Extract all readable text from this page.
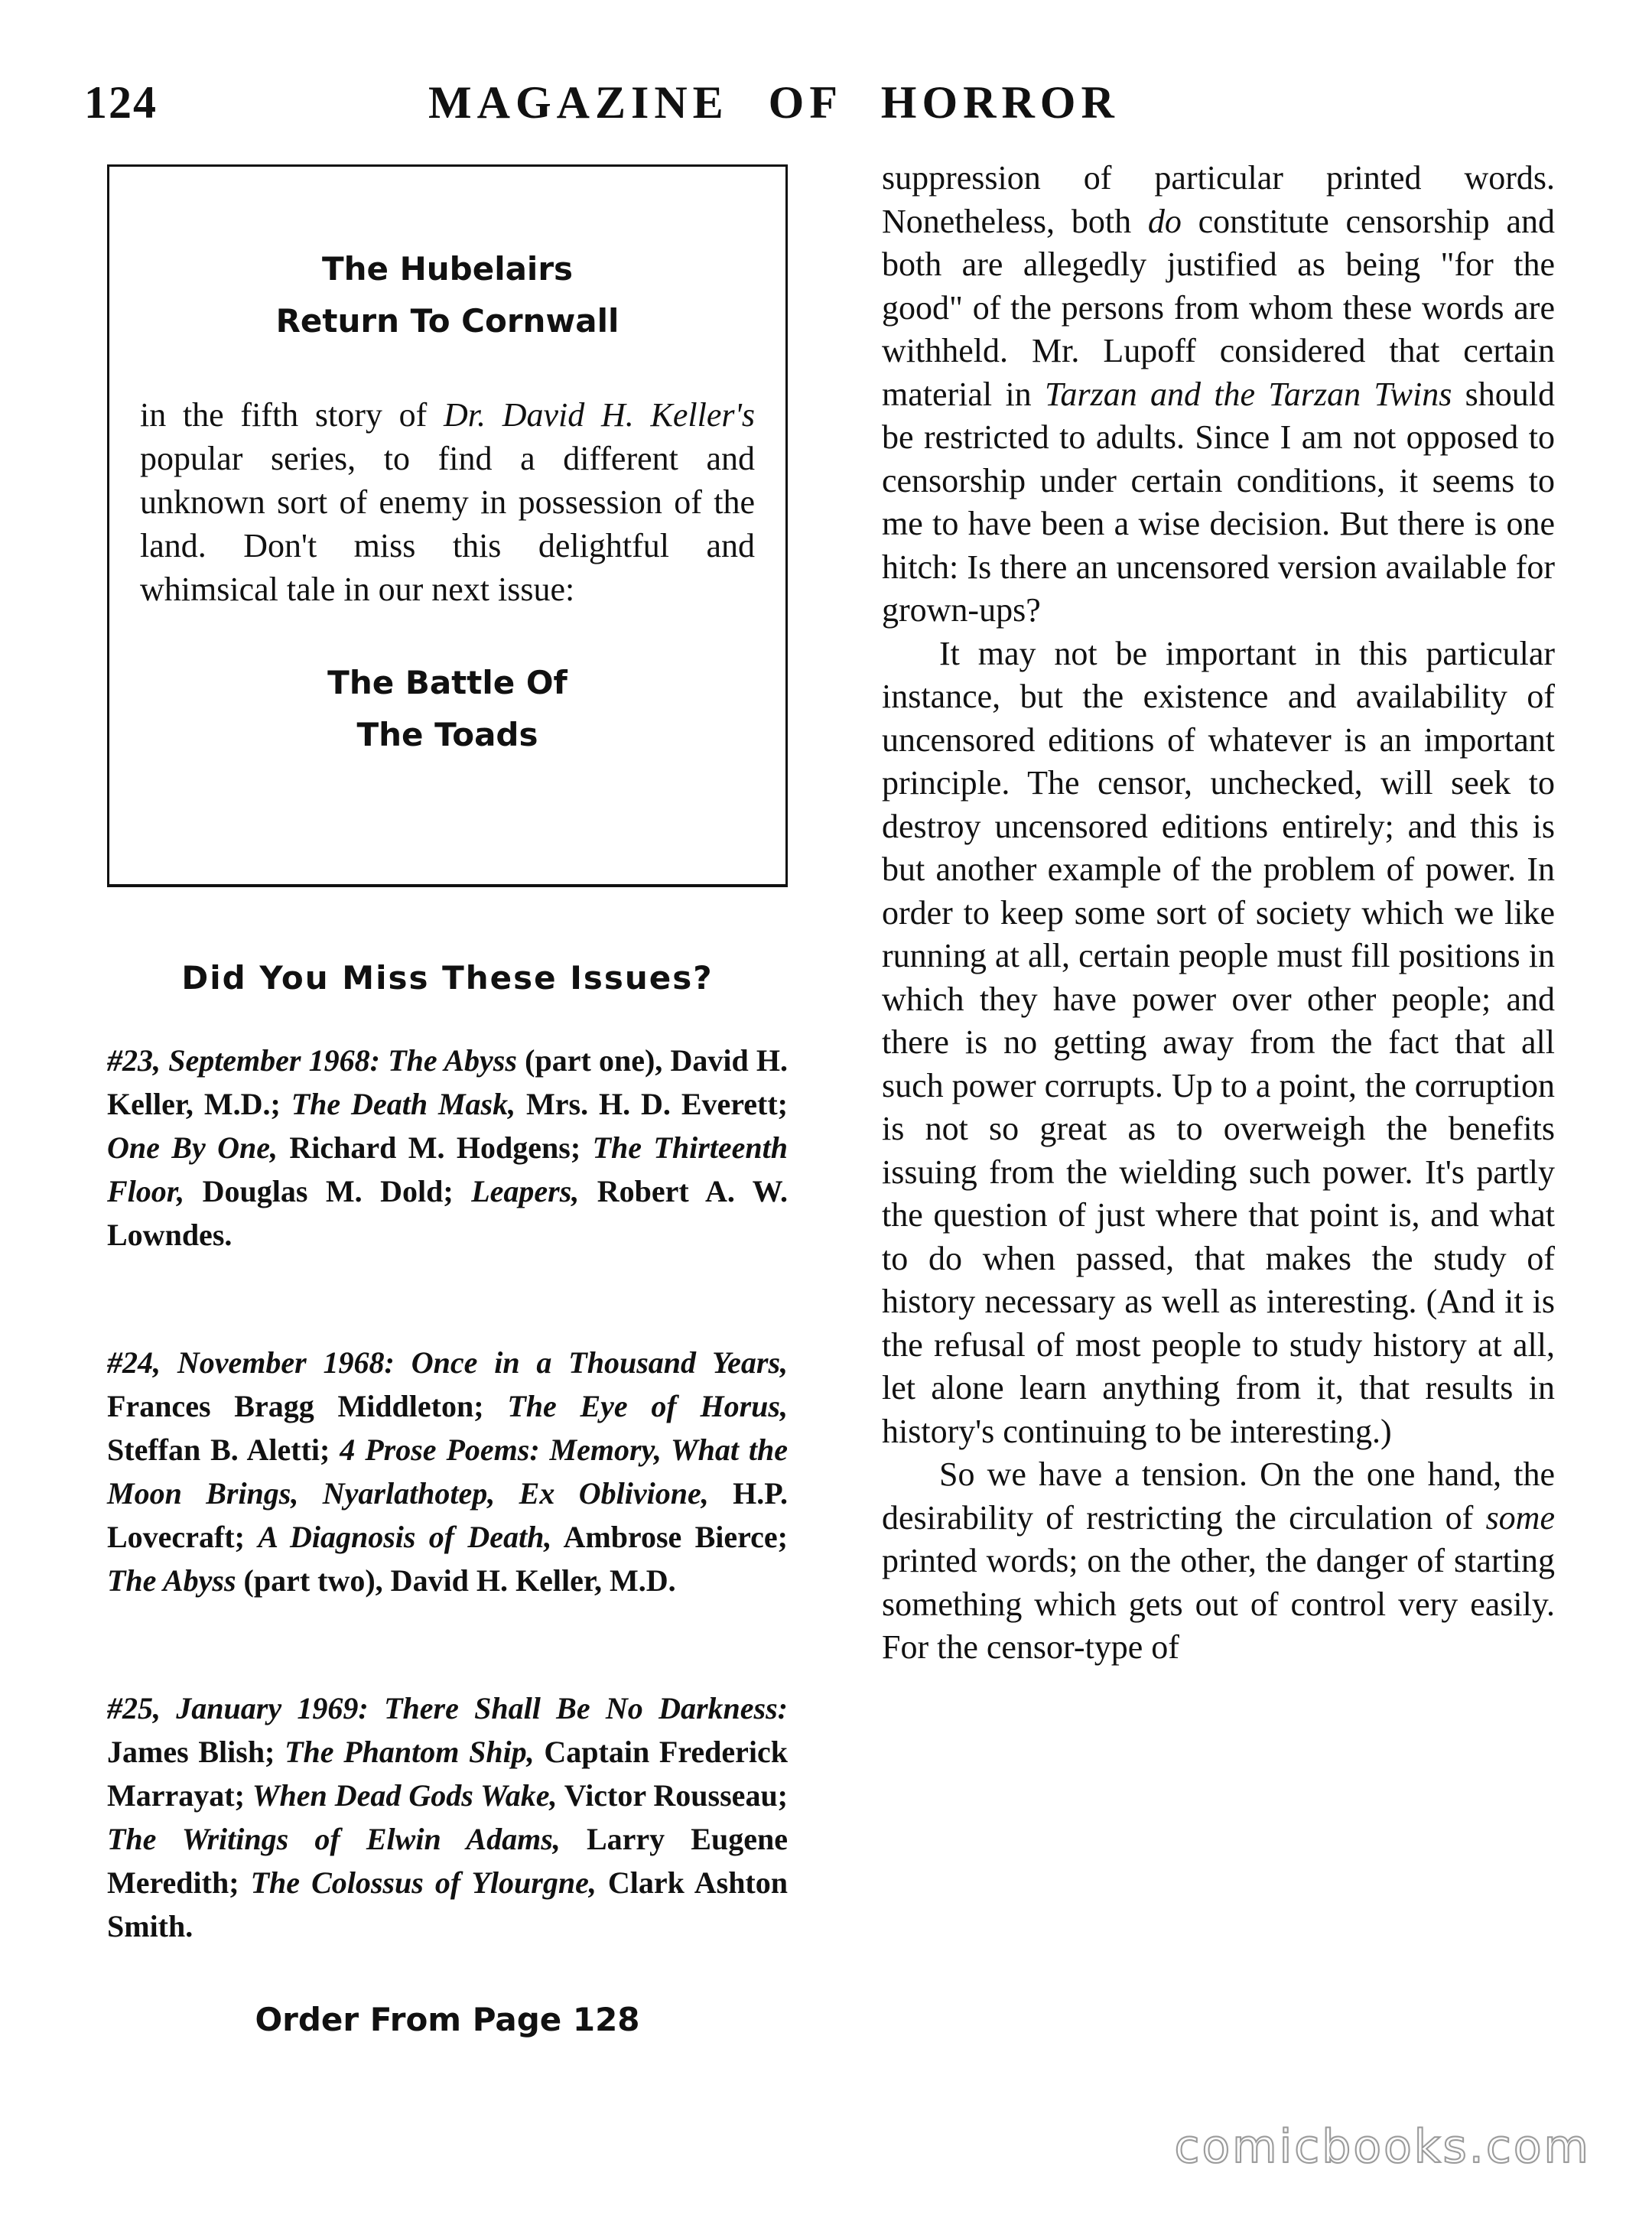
124	MAGAZINE OF HORROR
The Hubelairs
Return To Cornwall

in the fifth story of Dr. David H. Keller's popular series, to find a different and unknown sort of enemy in possession of the land. Don't miss this delightful and whimsical tale in our next issue:

The Battle Of
The Toads
Did You Miss These Issues?

#23, September 1968: The Abyss (part one), David H. Keller, M.D.; The Death Mask, Mrs. H. D. Everett; One By One, Richard M. Hodgens; The Thirteenth Floor, Douglas M. Dold; Leapers, Robert A. W. Lowndes.

#24, November 1968: Once in a Thousand Years, Frances Bragg Middleton; The Eye of Horus, Steffan B. Aletti; 4 Prose Poems: Memory, What the Moon Brings, Nyarlathotep, Ex Oblivione, H.P. Lovecraft; A Diagnosis of Death, Ambrose Bierce; The Abyss (part two), David H. Keller, M.D.

#25, January 1969: There Shall Be No Darkness: James Blish; The Phantom Ship, Captain Frederick Marrayat; When Dead Gods Wake, Victor Rousseau; The Writings of Elwin Adams, Larry Eugene Meredith; The Colossus of Ylourgne, Clark Ashton Smith.

Order From Page 128

suppression of particular printed words. Nonetheless, both do constitute censorship and both are allegedly justified as being "for the good" of the persons from whom these words are withheld. Mr. Lupoff considered that certain material in Tarzan and the Tarzan Twins should be restricted to adults. Since I am not opposed to censorship under certain conditions, it seems to me to have been a wise decision. But there is one hitch: Is there an uncensored version available for grown-ups?

It may not be important in this particular instance, but the existence and availability of uncensored editions of whatever is an important principle. The censor, unchecked, will seek to destroy uncensored editions entirely; and this is but another example of the problem of power. In order to keep some sort of society which we like running at all, certain people must fill positions in which they have power over other people; and there is no getting away from the fact that all such power corrupts. Up to a point, the corruption is not so great as to overweigh the benefits issuing from the wielding such power. It's partly the question of just where that point is, and what to do when passed, that makes the study of history necessary as well as interesting. (And it is the refusal of most people to study history at all, let alone learn anything from it, that results in history's continuing to be interesting.)

So we have a tension. On the one hand, the desirability of restricting the circulation of some printed words; on the other, the danger of starting something which gets out of control very easily. For the censor-type of

comicbooks.com
